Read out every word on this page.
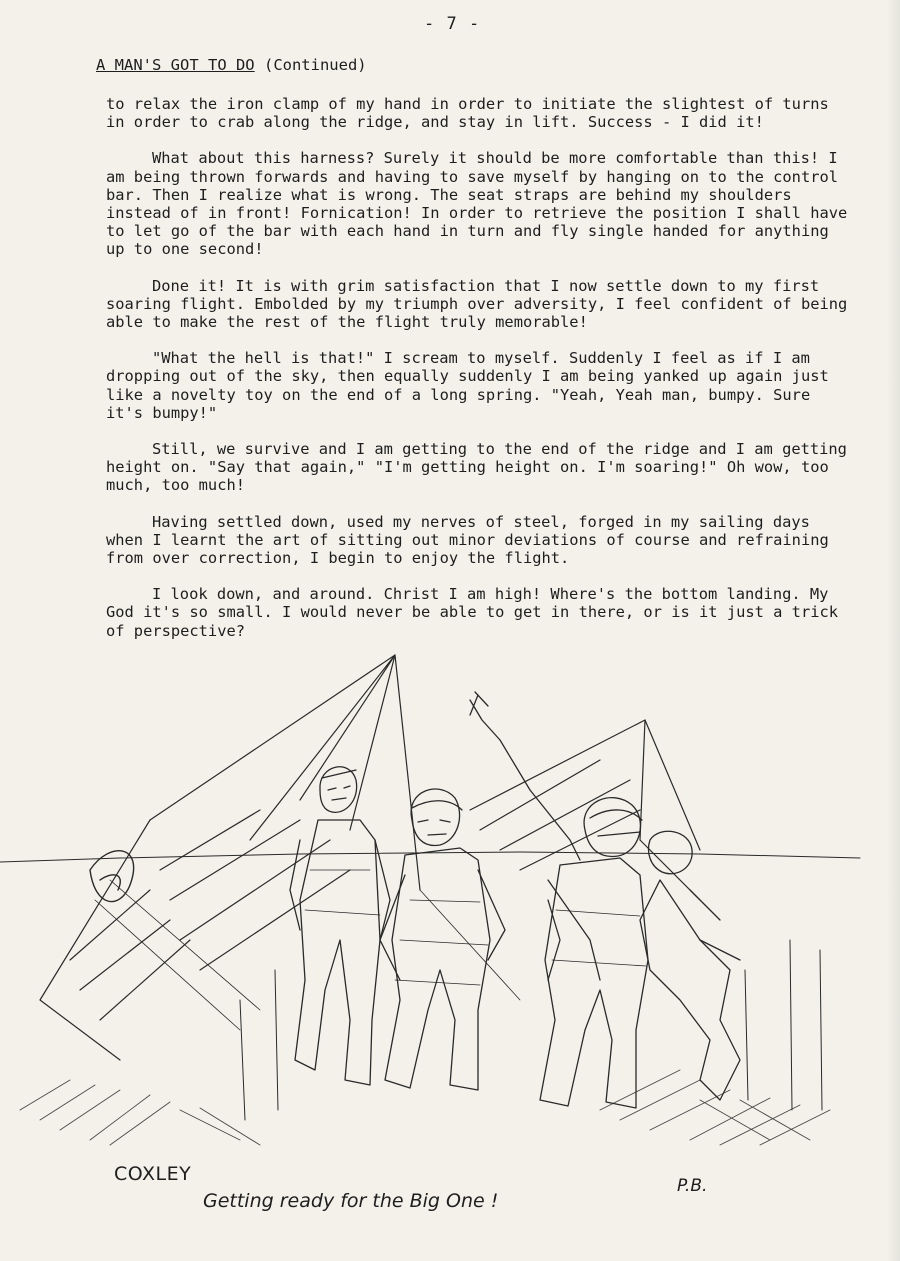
- 7 -
A MAN'S GOT TO DO (Continued)

to relax the iron clamp of my hand in order to initiate the slightest of turns in order to crab along the ridge, and stay in lift. Success - I did it!

What about this harness? Surely it should be more comfortable than this! I am being thrown forwards and having to save myself by hanging on to the control bar. Then I realize what is wrong. The seat straps are behind my shoulders instead of in front! Fornication! In order to retrieve the position I shall have to let go of the bar with each hand in turn and fly single handed for anything up to one second!

Done it! It is with grim satisfaction that I now settle down to my first soaring flight. Embolded by my triumph over adversity, I feel confident of being able to make the rest of the flight truly memorable!

"What the hell is that!" I scream to myself. Suddenly I feel as if I am dropping out of the sky, then equally suddenly I am being yanked up again just like a novelty toy on the end of a long spring. "Yeah, Yeah man, bumpy. Sure it's bumpy!"

Still, we survive and I am getting to the end of the ridge and I am getting height on. "Say that again," "I'm getting height on. I'm soaring!" Oh wow, too much, too much!

Having settled down, used my nerves of steel, forged in my sailing days when I learnt the art of sitting out minor deviations of course and refraining from over correction, I begin to enjoy the flight.

I look down, and around. Christ I am high! Where's the bottom landing. My God it's so small. I would never be able to get in there, or is it just a trick of perspective?

COXLEY
Getting ready for the Big One !
P.B.
